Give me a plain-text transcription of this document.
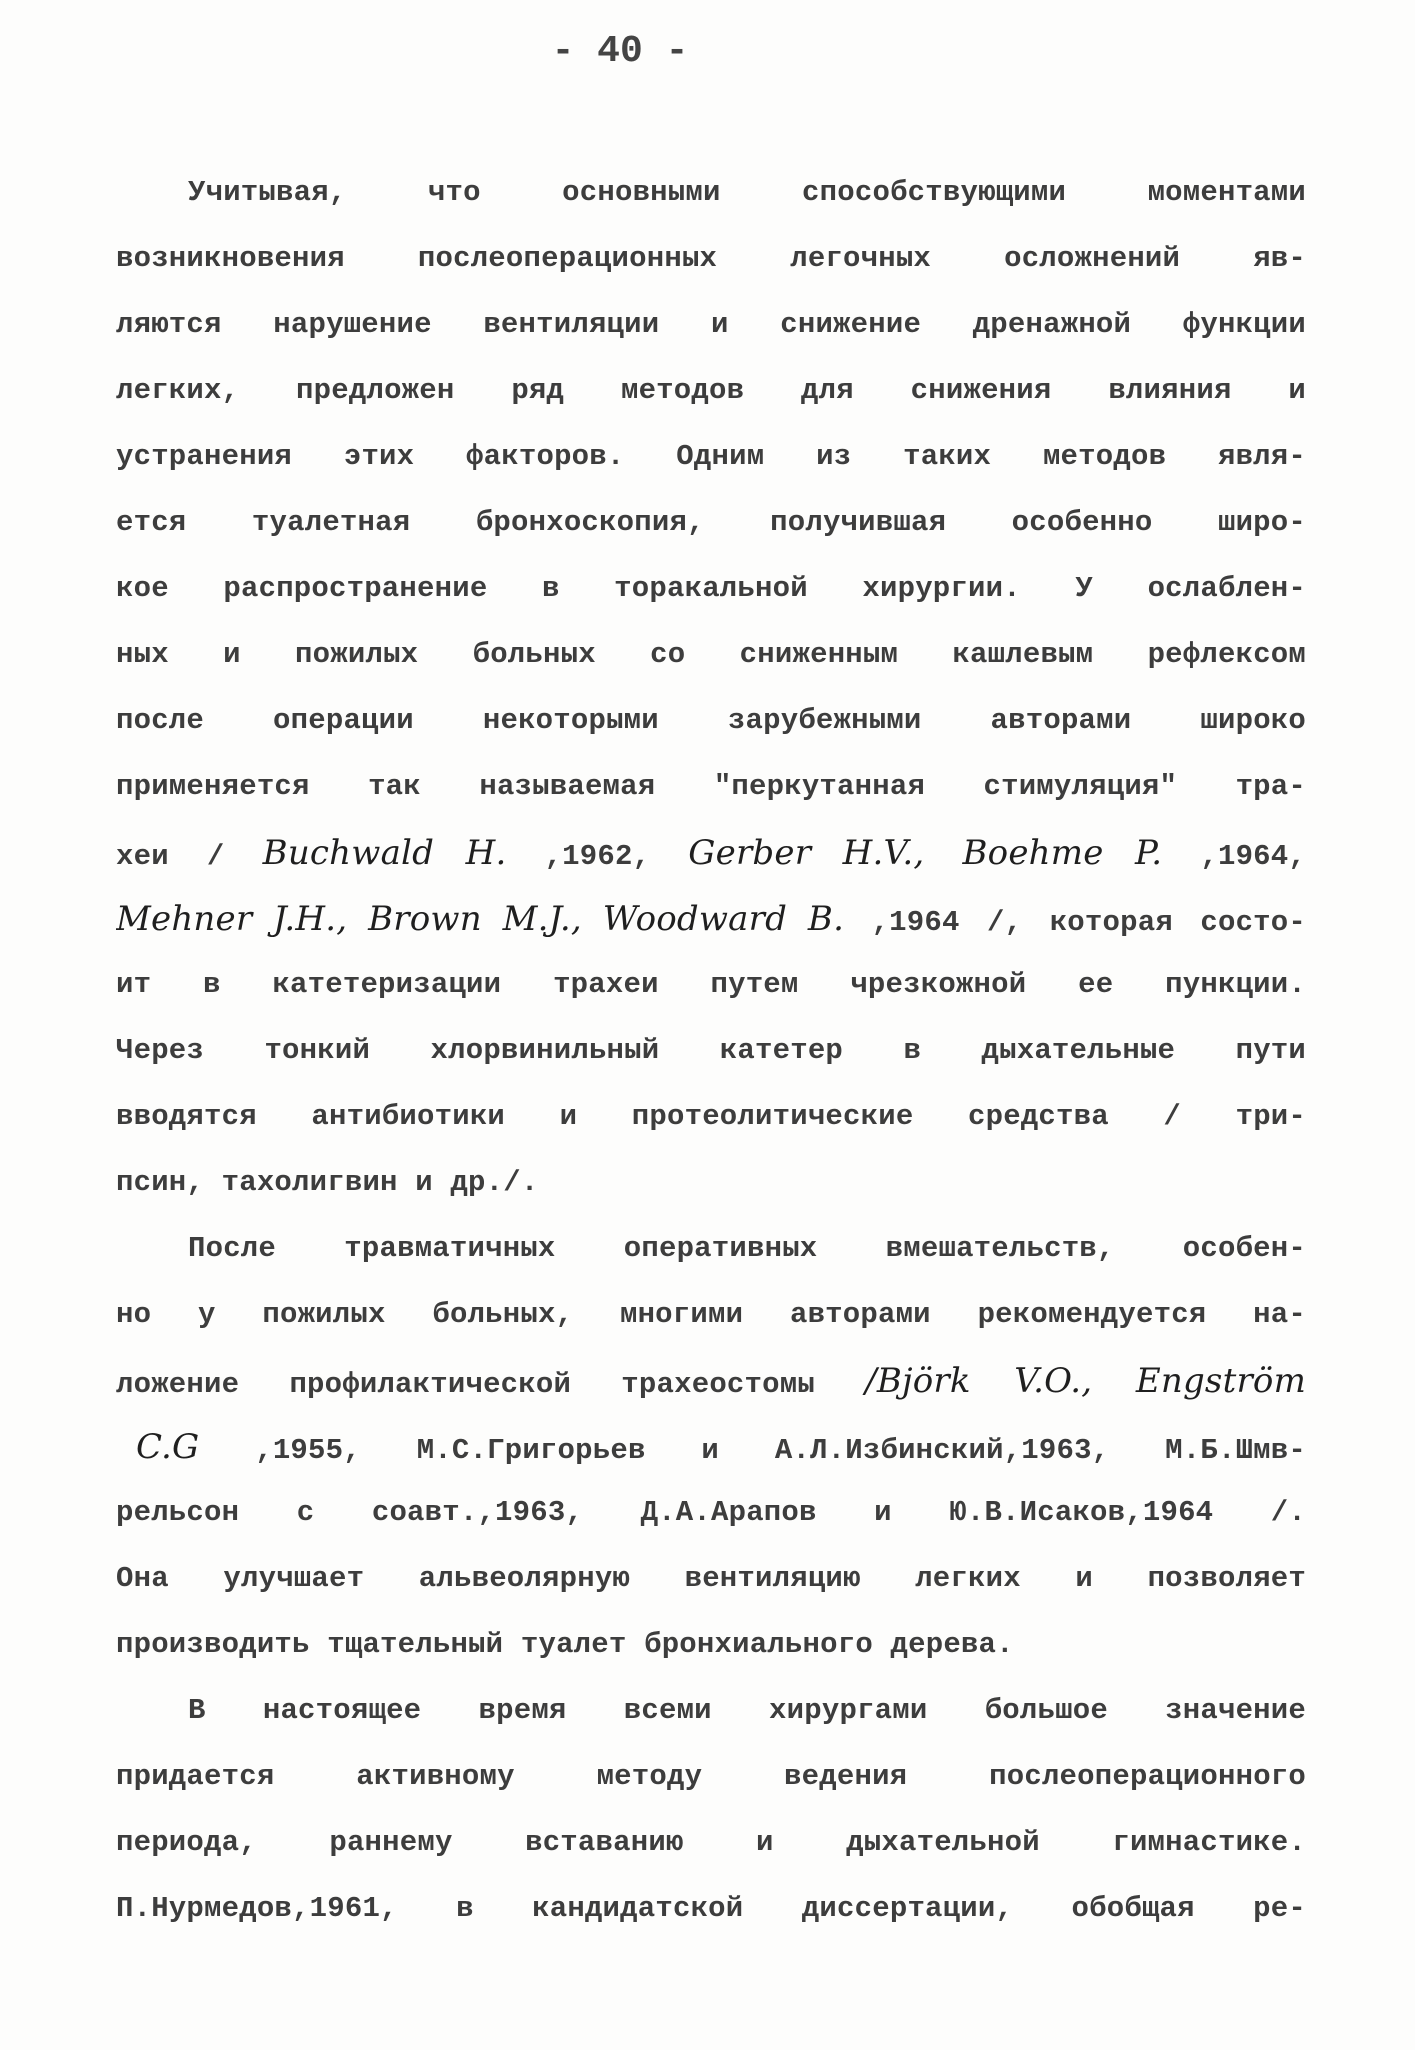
- 40 -
Учитывая, что основными способствующими моментами
возникновения послеоперационных легочных осложнений яв-
ляются нарушение вентиляции и снижение дренажной функции
легких, предложен ряд методов для снижения влияния и
устранения этих факторов. Одним из таких методов явля-
ется туалетная бронхоскопия, получившая особенно широ-
кое распространение в торакальной хирургии. У ослаблен-
ных и пожилых больных со сниженным кашлевым рефлексом
после операции некоторыми зарубежными авторами широко
применяется так называемая "перкутанная стимуляция" тра-
хеи / Buchwald H. ,1962, Gerber H.V., Boehme P. ,1964,
Mehner J.H., Brown M.J., Woodward B. ,1964 /, которая состо-
ит в катетеризации трахеи путем чрезкожной ее пункции.
Через тонкий хлорвинильный катетер в дыхательные пути
вводятся антибиотики и протеолитические средства / три-
псин, тахолигвин и др./.
После травматичных оперативных вмешательств, особен-
но у пожилых больных, многими авторами рекомендуется на-
ложение профилактической трахеостомы /Björk V.O., Engström
C.G ,1955, М.С.Григорьев и А.Л.Избинский,1963, М.Б.Шмв-
рельсон с соавт.,1963, Д.А.Арапов и Ю.В.Исаков,1964 /.
Она улучшает альвеолярную вентиляцию легких и позволяет
производить тщательный туалет бронхиального дерева.
В настоящее время всеми хирургами большое значение
придается активному методу ведения послеоперационного
периода, раннему вставанию и дыхательной гимнастике.
П.Нурмедов,1961, в кандидатской диссертации, обобщая ре-
